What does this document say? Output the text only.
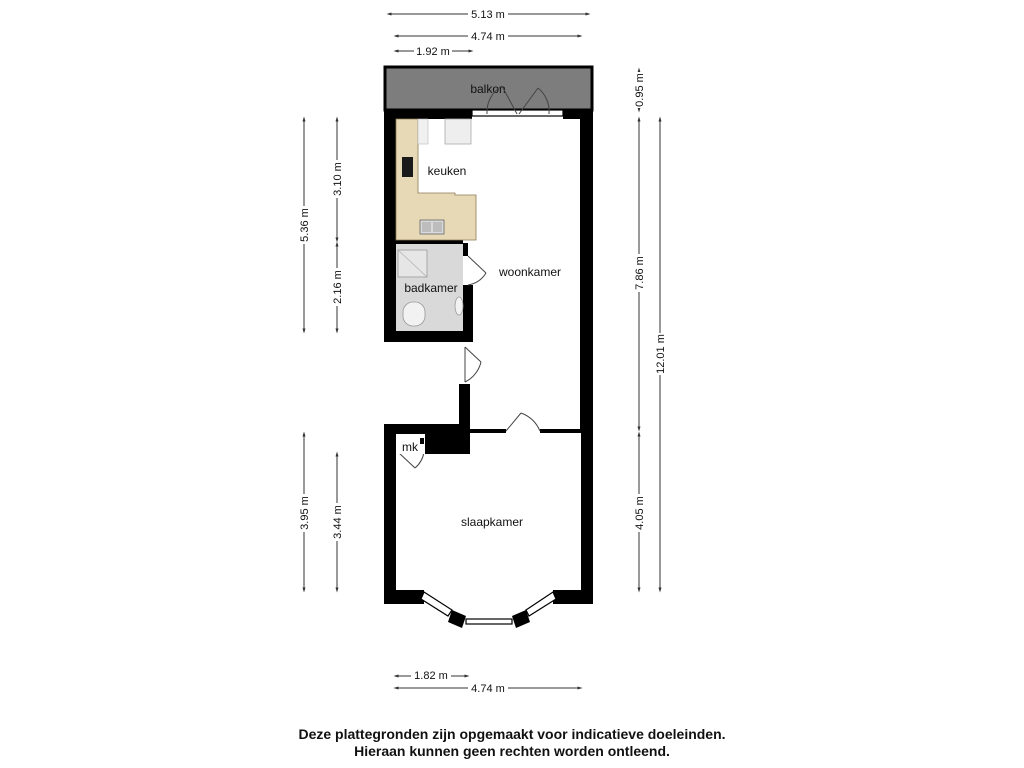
balkon
keuken
badkamer
woonkamer
mk
slaapkamer
5.13 m
4.74 m
1.92 m
0.95 m
7.86 m
12.01 m
4.05 m
5.36 m
3.10 m
2.16 m
3.95 m 3.44 m
1.82 m
4.74 m
Deze plattegronden zijn opgemaakt voor indicatieve doeleinden.
Hieraan kunnen geen rechten worden ontleend.
